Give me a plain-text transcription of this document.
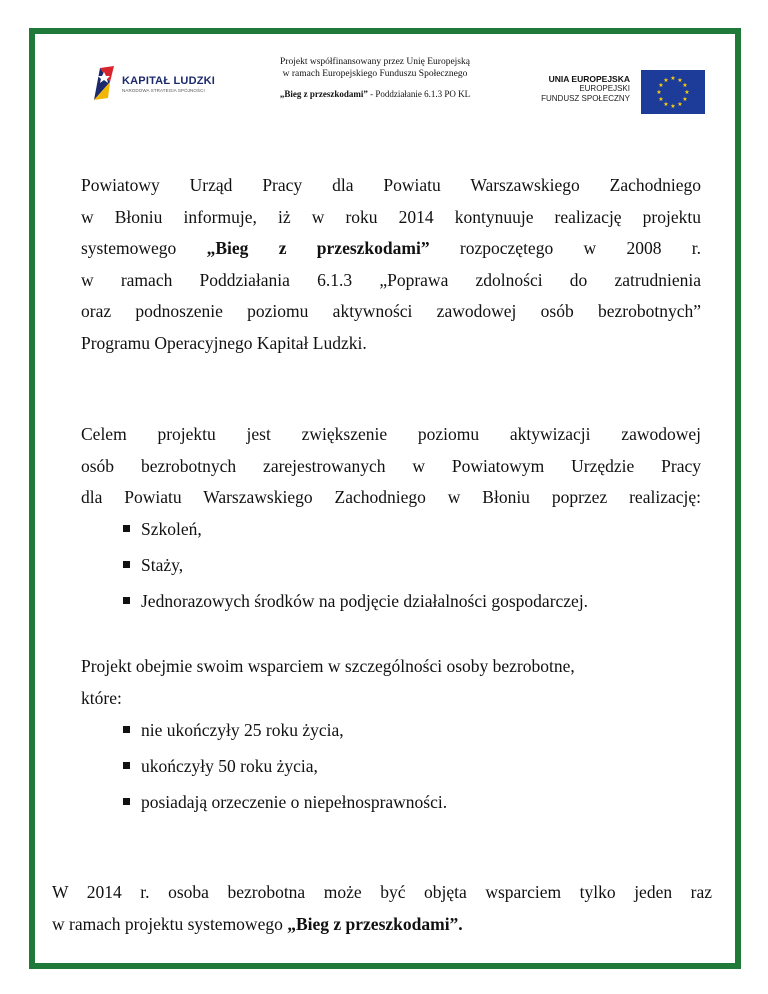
KAPITAŁ LUDZKI
NARODOWA STRATEGIA SPÓJNOŚCI
Projekt współfinansowany przez Unię Europejską
w ramach Europejskiego Funduszu Społecznego
„Bieg z przeszkodami” - Poddziałanie 6.1.3 PO KL
UNIA EUROPEJSKA
EUROPEJSKI
FUNDUSZ SPOŁECZNY
★ ★
★
★
★
★
★
★
★
★
★
★
Powiatowy Urząd Pracy dla Powiatu Warszawskiego Zachodniego
w Błoniu informuje, iż w roku 2014 kontynuuje realizację projektu
systemowego „Bieg z przeszkodami” rozpoczętego w 2008 r.
w ramach Poddziałania 6.1.3 „Poprawa zdolności do zatrudnienia
oraz podnoszenie poziomu aktywności zawodowej osób bezrobotnych”
Programu Operacyjnego Kapitał Ludzki.
Celem projektu jest zwiększenie poziomu aktywizacji zawodowej
osób bezrobotnych zarejestrowanych w Powiatowym Urzędzie Pracy
dla Powiatu Warszawskiego Zachodniego w Błoniu poprzez realizację:
Szkoleń,
Staży,
Jednorazowych środków na podjęcie działalności gospodarczej.
Projekt obejmie swoim wsparciem w szczególności osoby bezrobotne,
które:
nie ukończyły 25 roku życia,
ukończyły 50 roku życia,
posiadają orzeczenie o niepełnosprawności.
W 2014 r. osoba bezrobotna może być objęta wsparciem tylko jeden raz
w ramach projektu systemowego „Bieg z przeszkodami”.
